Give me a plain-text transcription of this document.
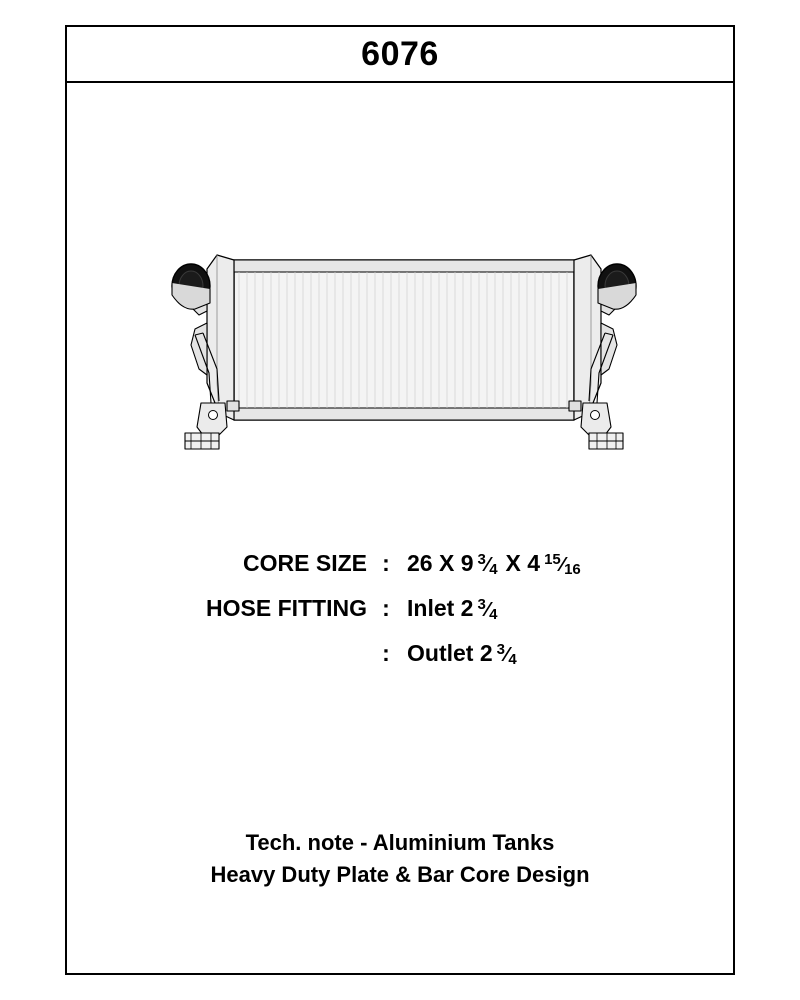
6076
CORE SIZE : 26 X 9 3 ⁄ 4 X 4 15 ⁄ 16
HOSE FITTING : Inlet 2 3 ⁄ 4
: Outlet 2 3 ⁄ 4
Tech. note - Aluminium Tanks
Heavy Duty Plate & Bar Core Design
